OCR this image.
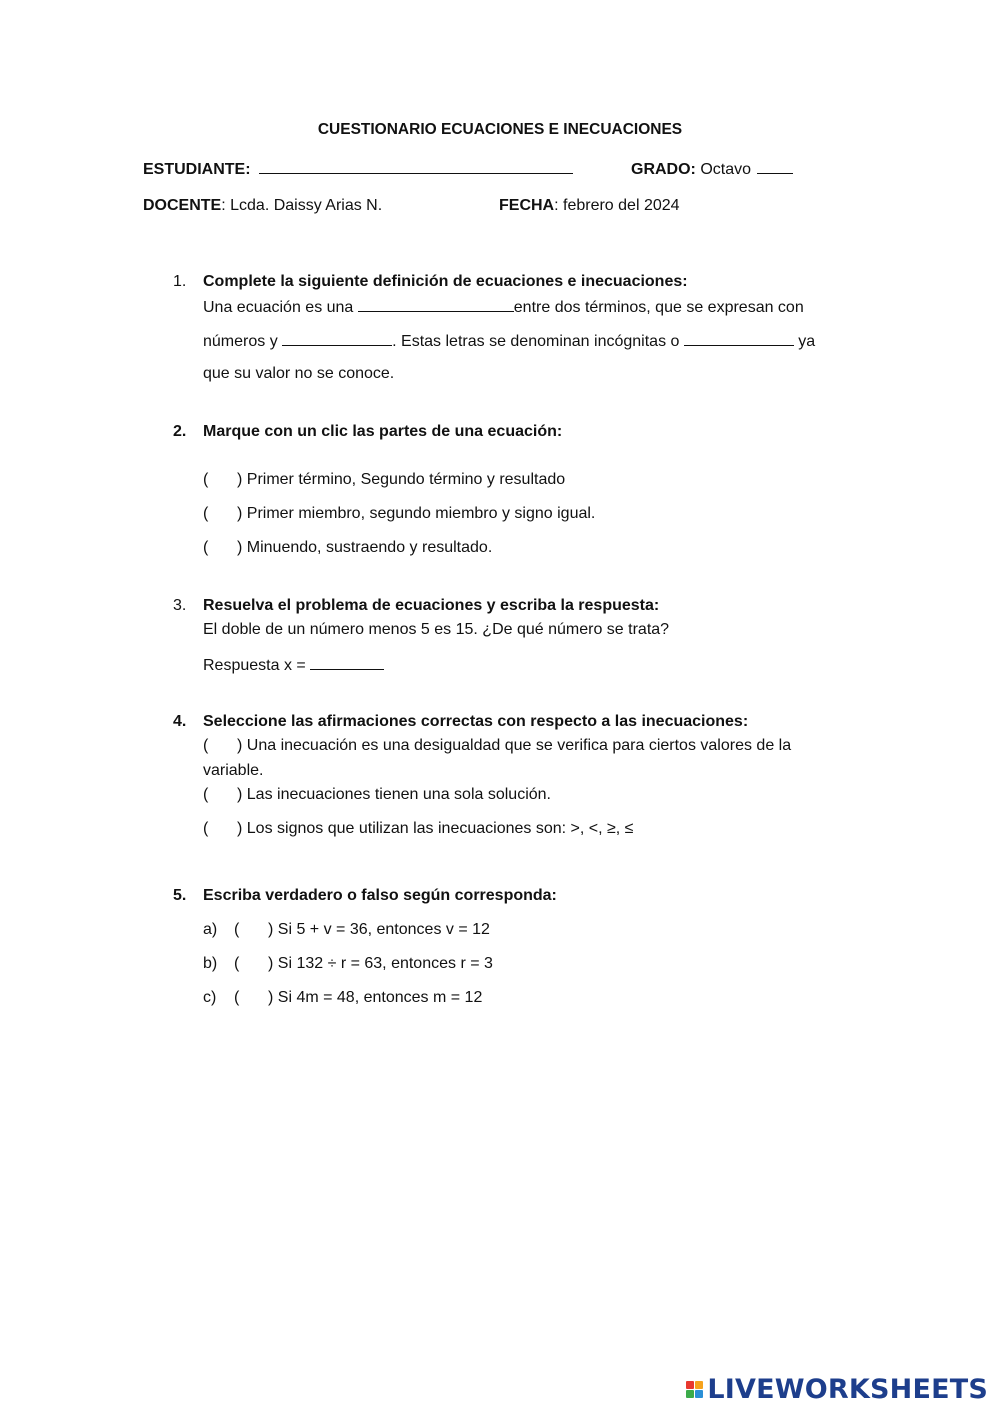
CUESTIONARIO ECUACIONES E INECUACIONES
ESTUDIANTE:	GRADO: Octavo
DOCENTE: Lcda. Daissy Arias N.	FECHA: febrero del 2024
1. Complete la siguiente definición de ecuaciones e inecuaciones:
Una ecuación es una	entre dos términos, que se expresan con
números y	. Estas letras se denominan incógnitas o	ya
que su valor no se conoce.
2. Marque con un clic las partes de una ecuación:
( ) Primer término, Segundo término y resultado
( ) Primer miembro, segundo miembro y signo igual.
( ) Minuendo, sustraendo y resultado.
3. Resuelva el problema de ecuaciones y escriba la respuesta:
El doble de un número menos 5 es 15. ¿De qué número se trata?
Respuesta x =
4. Seleccione las afirmaciones correctas con respecto a las inecuaciones:
( ) Una inecuación es una desigualdad que se verifica para ciertos valores de la
variable.
( ) Las inecuaciones tienen una sola solución.
( ) Los signos que utilizan las inecuaciones son: >, <, ≥, ≤
5. Escriba verdadero o falso según corresponda:
a) ( ) Si 5 + v = 36, entonces v = 12
b) ( ) Si 132 ÷ r = 63, entonces r = 3
c) ( ) Si 4m = 48, entonces m = 12
LIVEWORKSHEETS
